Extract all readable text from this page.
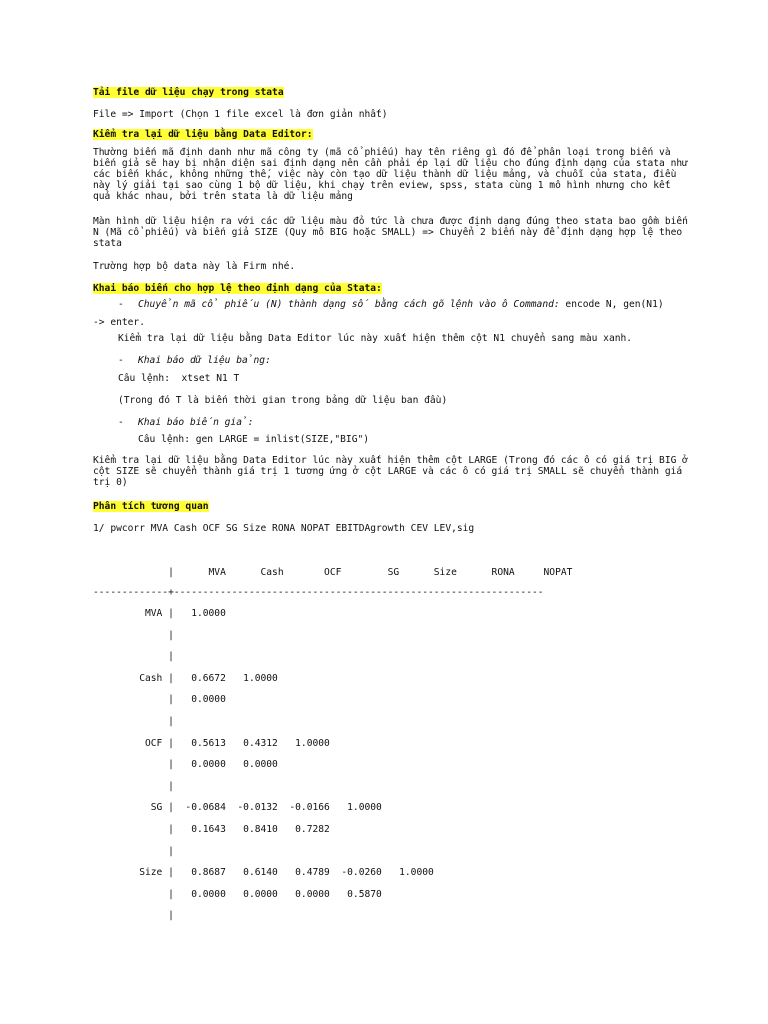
Tải file dữ liệu chạy trong stata
File => Import (Chọn 1 file excel là đơn giản nhất)
Kiểm tra lại dữ liệu bằng Data Editor:
Thường biến mã định danh như mã công ty (mã cổ phiếu) hay tên riêng gì đó để phân loại trong biến và biến giả sẽ hay bị nhận diện sai định dạng nên cần phải ép lại dữ liệu cho đúng định dạng của stata như các biến khác, không những thế, việc này còn tạo dữ liệu thành dữ liệu mảng, và chuỗi của stata, điều này lý giải tại sao cùng 1 bộ dữ liệu, khi chạy trên eview, spss, stata cùng 1 mô hình nhưng cho kết quả khác nhau, bởi trên stata là dữ liệu mảng
Màn hình dữ liệu hiện ra với các dữ liệu màu đỏ tức là chưa được định dạng đúng theo stata bao gồm biến  N (Mã cổ phiếu) và biến giả SIZE (Quy mô BIG hoặc SMALL) => Chuyển 2 biến này để định dạng hợp lệ theo stata
Trường hợp bộ data này là Firm nhé.
Khai báo biến cho hợp lệ theo định dạng của Stata:
- Chuyển mã cổ phiếu (N) thành dạng số bằng cách gõ lệnh vào ô Command: encode N, gen(N1)
-> enter.
Kiểm tra lại dữ liệu bằng Data Editor lúc này xuất hiện thêm cột N1 chuyển sang màu xanh.
- Khai báo dữ liệu bảng:
Câu lệnh:  xtset N1 T
(Trong đó T là biến thời gian trong bảng dữ liệu ban đầu)
- Khai báo biến giả:
Câu lệnh: gen LARGE = inlist(SIZE,"BIG")
Kiểm tra lại dữ liệu bằng Data Editor lúc này xuất hiện thêm cột LARGE (Trong đó các ô có giá trị BIG ở cột SIZE sẽ chuyển thành giá trị 1 tương ứng ở cột LARGE và các ô có giá trị SMALL sẽ chuyển thành giá trị 0)
Phân tích tương quan
1/ pwcorr MVA Cash OCF SG Size RONA NOPAT EBITDAgrowth CEV LEV,sig
|      MVA      Cash       OCF        SG      Size      RONA     NOPAT
-------------+----------------------------------------------------------------
MVA |   1.0000
|
|
Cash |   0.6672   1.0000
|   0.0000
|
OCF |   0.5613   0.4312   1.0000
|   0.0000   0.0000
|
SG |  -0.0684  -0.0132  -0.0166   1.0000
|   0.1643   0.8410   0.7282
|
Size |   0.8687   0.6140   0.4789  -0.0260   1.0000
|   0.0000   0.0000   0.0000   0.5870
|
